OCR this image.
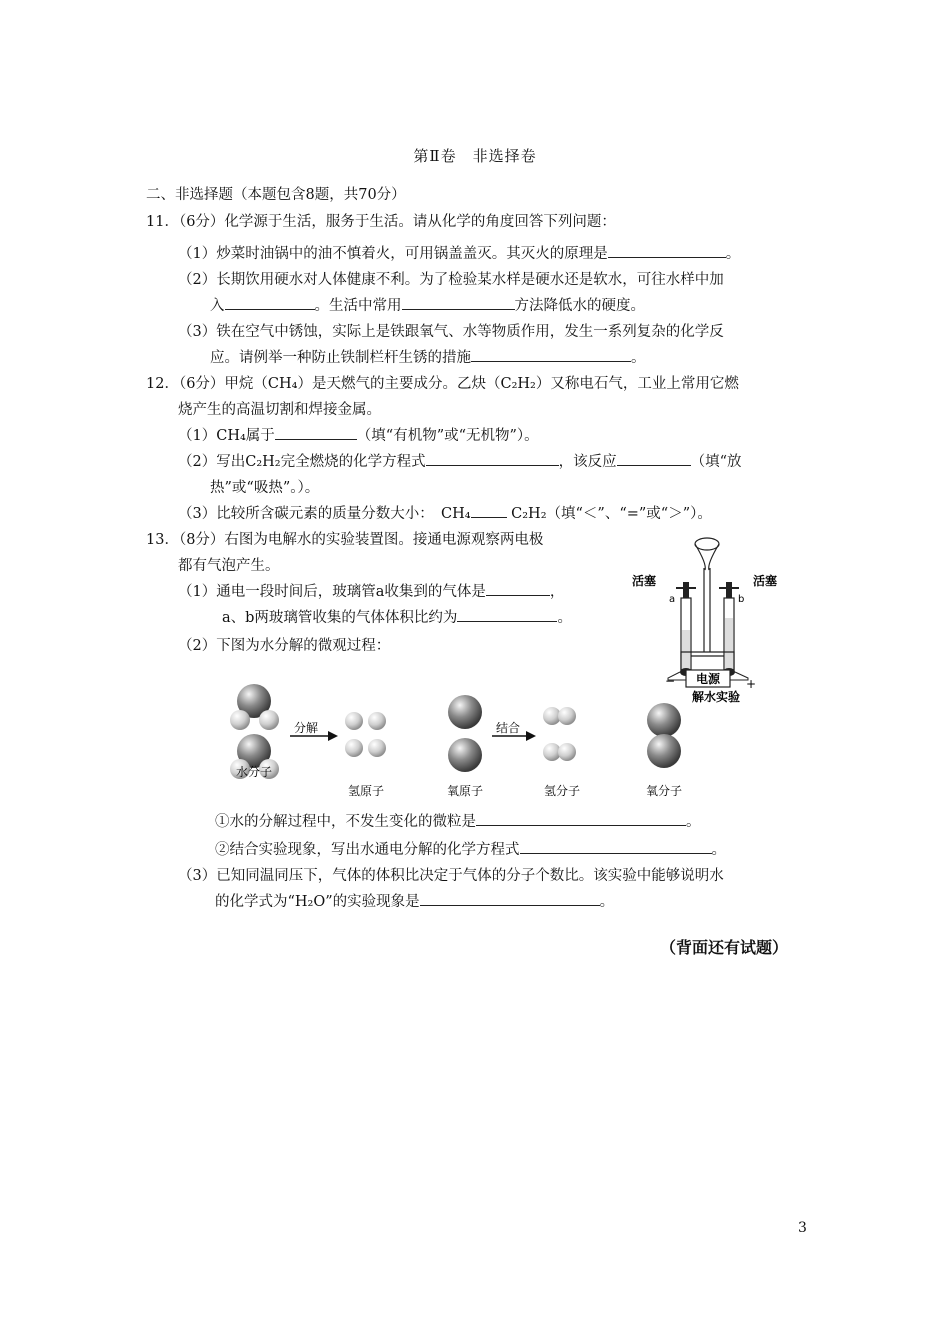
第Ⅱ卷　非选择卷
二、非选择题（本题包含8题，共70分）
11．（6分）化学源于生活，服务于生活。请从化学的角度回答下列问题：
（1）炒菜时油锅中的油不慎着火，可用锅盖盖灭。其灭火的原理是	。
（2）长期饮用硬水对人体健康不利。为了检验某水样是硬水还是软水，可往水样中加
入	。生活中常用	方法降低水的硬度。
（3）铁在空气中锈蚀，实际上是铁跟氧气、水等物质作用，发生一系列复杂的化学反
应。请例举一种防止铁制栏杆生锈的措施	。
12．（6分）甲烷（CH₄）是天燃气的主要成分。乙炔（C₂H₂）又称电石气，工业上常用它燃
烧产生的高温切割和焊接金属。
（1）CH₄属于	（填“有机物”或“无机物”）。
（2）写出C₂H₂完全燃烧的化学方程式	，该反应	（填“放
热”或“吸热”。）。
（3）比较所含碳元素的质量分数大小：　CH₄	C₂H₂（填“＜”、“=”或“＞”）。
13．（8分）右图为电解水的实验装置图。接通电源观察两电极
都有气泡产生。
（1）通电一段时间后，玻璃管a收集到的气体是	，
a、b两玻璃管收集的气体体积比约为	。
（2）下图为水分解的微观过程：
电源
活塞	活塞
a	b
−	+
解水实验
分解	结合
水分子
氢原子	氧原子	氢分子	氧分子
①水的分解过程中，不发生变化的微粒是	。
②结合实验现象，写出水通电分解的化学方程式	。
（3）已知同温同压下，气体的体积比决定于气体的分子个数比。该实验中能够说明水
的化学式为“H₂O”的实验现象是	。
（背面还有试题）
3
